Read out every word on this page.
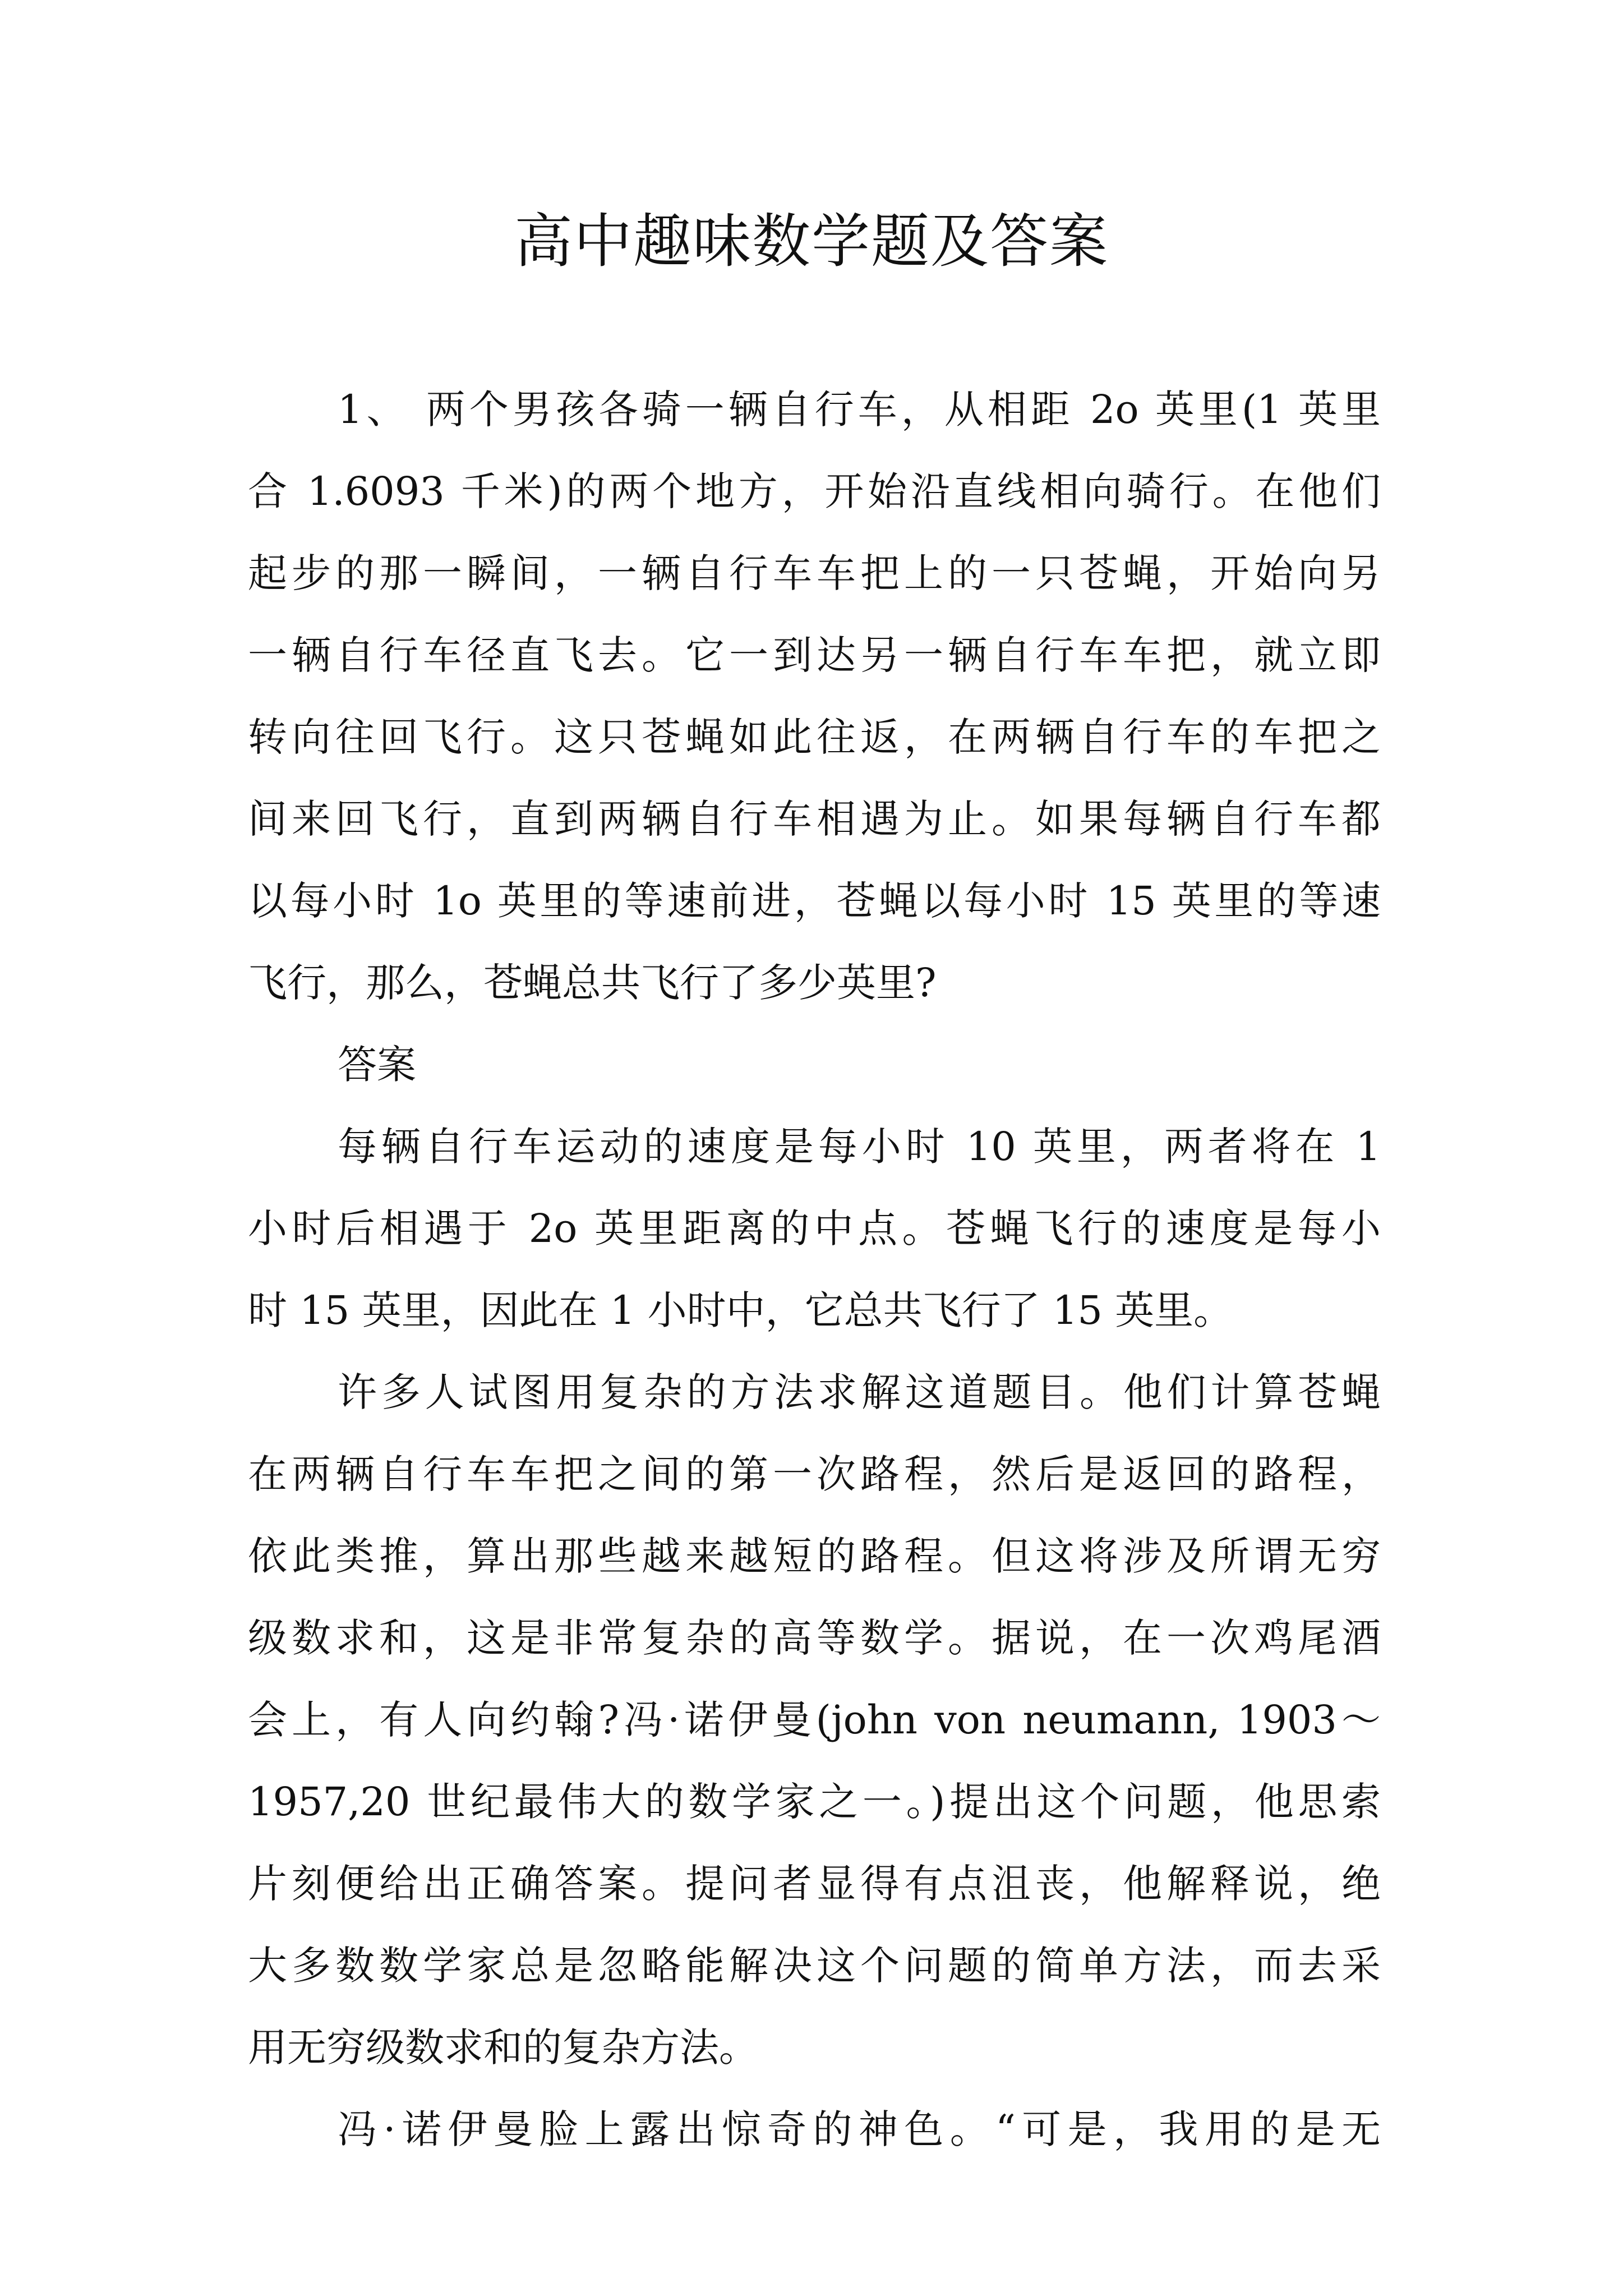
高中趣味数学题及答案
1、 两个男孩各骑一辆自行车，从相距 2o 英里(1 英里
合 1.6093 千米)的两个地方，开始沿直线相向骑行。在他们
起步的那一瞬间，一辆自行车车把上的一只苍蝇，开始向另
一辆自行车径直飞去。它一到达另一辆自行车车把，就立即
转向往回飞行。这只苍蝇如此往返，在两辆自行车的车把之
间来回飞行，直到两辆自行车相遇为止。如果每辆自行车都
以每小时 1o 英里的等速前进，苍蝇以每小时 15 英里的等速
飞行，那么，苍蝇总共飞行了多少英里?
答案
每辆自行车运动的速度是每小时 10 英里，两者将在 1
小时后相遇于 2o 英里距离的中点。苍蝇飞行的速度是每小
时 15 英里，因此在 1 小时中，它总共飞行了 15 英里。
许多人试图用复杂的方法求解这道题目。他们计算苍蝇
在两辆自行车车把之间的第一次路程，然后是返回的路程，
依此类推，算出那些越来越短的路程。但这将涉及所谓无穷
级数求和，这是非常复杂的高等数学。据说，在一次鸡尾酒
会上，有人向约翰?冯·诺伊曼(john von neumann, 1903～
1957,20 世纪最伟大的数学家之一。)提出这个问题，他思索
片刻便给出正确答案。提问者显得有点沮丧，他解释说，绝
大多数数学家总是忽略能解决这个问题的简单方法，而去采
用无穷级数求和的复杂方法。
冯·诺伊曼脸上露出惊奇的神色。“可是，我用的是无
